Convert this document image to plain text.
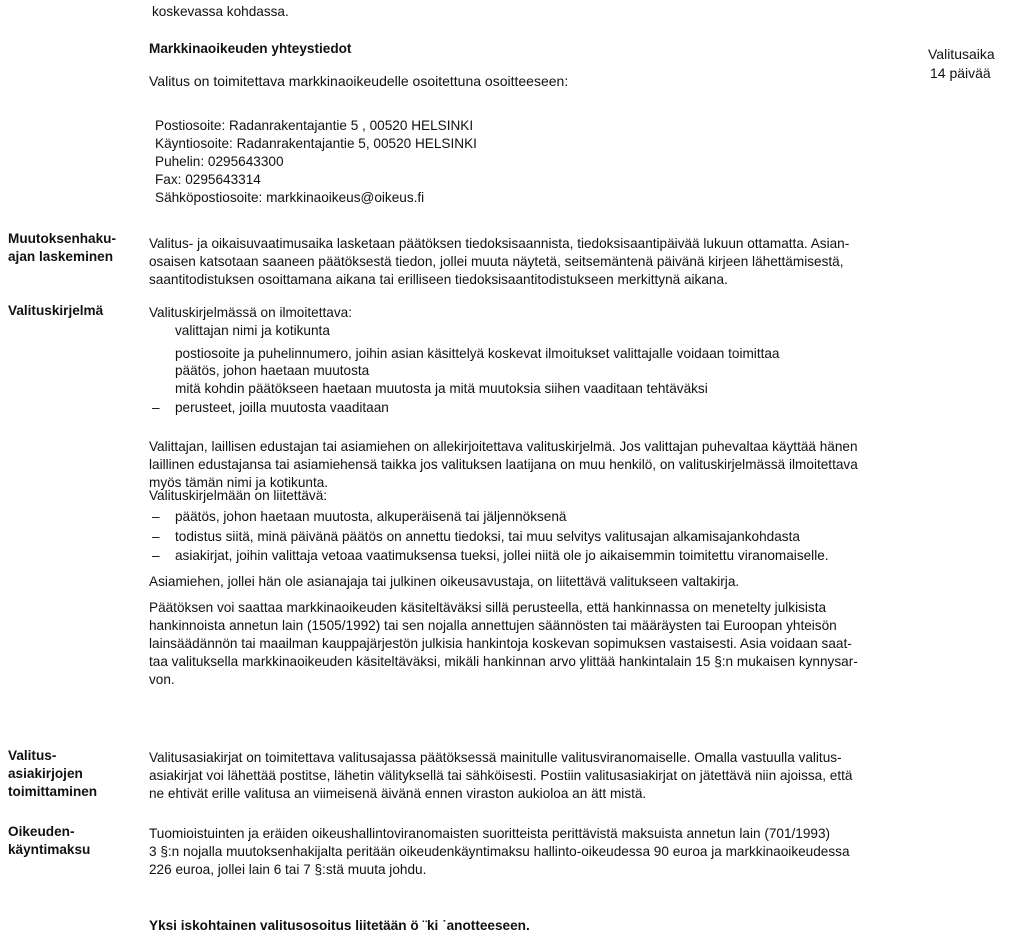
koskevassa kohdassa.
Markkinaoikeuden yhteystiedot
Valitus on toimitettava markkinaoikeudelle osoitettuna osoitteeseen:
Valitusaika
14 päivää
Postiosoite: Radanrakentajantie 5 , 00520 HELSINKI
Käyntiosoite: Radanrakentajantie 5, 00520 HELSINKI
Puhelin: 0295643300
Fax: 0295643314
Sähköpostiosoite: markkinaoikeus@oikeus.fi
Muutoksenhaku-
ajan laskeminen
Valitus- ja oikaisuvaatimusaika lasketaan päätöksen tiedoksisaannista, tiedoksisaantipäivää lukuun ottamatta. Asian-
osaisen katsotaan saaneen päätöksestä tiedon, jollei muuta näytetä, seitsemäntenä päivänä kirjeen lähettämisestä,
saantitodistuksen osoittamana aikana tai erilliseen tiedoksisaantitodistukseen merkittynä aikana.
Valituskirjelmä	Valituskirjelmässä on ilmoitettava:
valittajan nimi ja kotikunta
postiosoite ja puhelinnumero, joihin asian käsittelyä koskevat ilmoitukset valittajalle voidaan toimittaa
päätös, johon haetaan muutosta
mitä kohdin päätökseen haetaan muutosta ja mitä muutoksia siihen vaaditaan tehtäväksi
– perusteet, joilla muutosta vaaditaan
Valittajan, laillisen edustajan tai asiamiehen on allekirjoitettava valituskirjelmä. Jos valittajan puhevaltaa käyttää hänen
laillinen edustajansa tai asiamiehensä taikka jos valituksen laatijana on muu henkilö, on valituskirjelmässä ilmoitettava
myös tämän nimi ja kotikunta.
Valituskirjelmään on liitettävä:
– päätös, johon haetaan muutosta, alkuperäisenä tai jäljennöksenä
– todistus siitä, minä päivänä päätös on annettu tiedoksi, tai muu selvitys valitusajan alkamisajankohdasta
– asiakirjat, joihin valittaja vetoaa vaatimuksensa tueksi, jollei niitä ole jo aikaisemmin toimitettu viranomaiselle.
Asiamiehen, jollei hän ole asianajaja tai julkinen oikeusavustaja, on liitettävä valitukseen valtakirja.
Päätöksen voi saattaa markkinaoikeuden käsiteltäväksi sillä perusteella, että hankinnassa on menetelty julkisista
hankinnoista annetun lain (1505/1992) tai sen nojalla annettujen säännösten tai määräysten tai Euroopan yhteisön
lainsäädännön tai maailman kauppajärjestön julkisia hankintoja koskevan sopimuksen vastaisesti. Asia voidaan saat-
taa valituksella markkinaoikeuden käsiteltäväksi, mikäli hankinnan arvo ylittää hankintalain 15 §:n mukaisen kynnysar-
von.
Valitus-
asiakirjojen
toimittaminen
Valitusasiakirjat on toimitettava valitusajassa päätöksessä mainitulle valitusviranomaiselle. Omalla vastuulla valitus-
asiakirjat voi lähettää postitse, lähetin välityksellä tai sähköisesti. Postiin valitusasiakirjat on jätettävä niin ajoissa, että
ne ehtivät erille valitusa an viimeisenä äivänä ennen viraston aukioloa an ätt mistä.
Oikeuden-
käyntimaksu
Tuomioistuinten ja eräiden oikeushallintoviranomaisten suoritteista perittävistä maksuista annetun lain (701/1993)
3 §:n nojalla muutoksenhakijalta peritään oikeudenkäyntimaksu hallinto-oikeudessa 90 euroa ja markkinaoikeudessa
226 euroa, jollei lain 6 tai 7 §:stä muuta johdu.
Yksi iskohtainen valitusosoitus liitetään ö ¨ki ˙anotteeseen.
